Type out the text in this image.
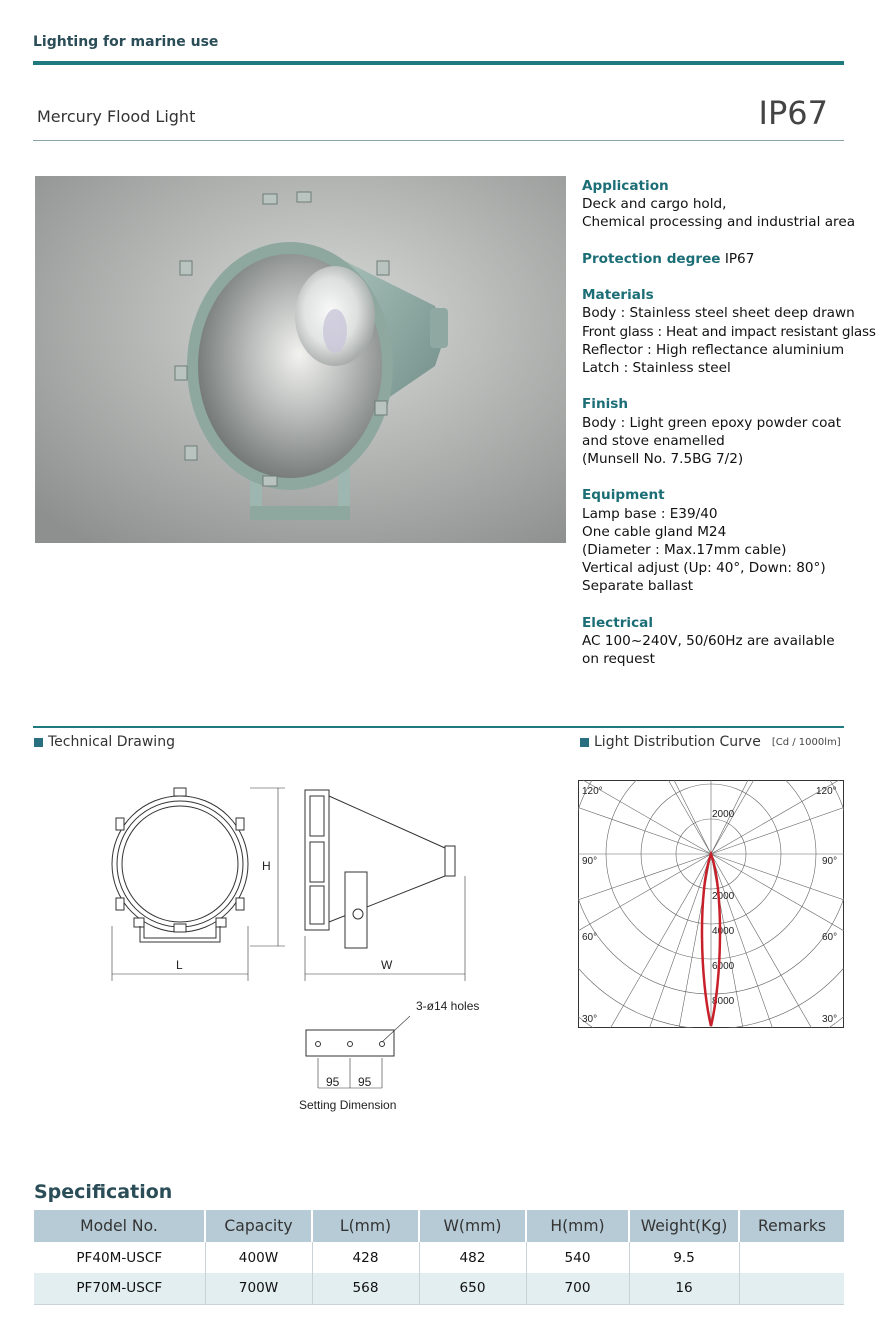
Lighting for marine use
Mercury Flood Light	IP67
Application
Deck and cargo hold,
Chemical processing and industrial area
Protection degree IP67
Materials
Body : Stainless steel sheet deep drawn
Front glass : Heat and impact resistant glass
Reflector : High reflectance aluminium
Latch : Stainless steel
Finish
Body : Light green epoxy powder coat
and stove enamelled
(Munsell No. 7.5BG 7/2)
Equipment
Lamp base : E39/40
One cable gland M24
(Diameter : Max.17mm cable)
Vertical adjust (Up: 40°, Down: 80°)
Separate ballast
Electrical
AC 100~240V, 50/60Hz are available
on request
Technical Drawing	Light Distribution Curve [Cd / 1000lm]
H
L	W
3-ø14 holes
95 95
Setting Dimension
120°
90°
60°
30°
120°
90°
60°
30°
2000
2000
4000
6000
8000
Specification
Model No.	Capacity	L(mm)	W(mm)	H(mm)	Weight(Kg)	Remarks
PF40M-USCF	400W	428	482	540	9.5	
PF70M-USCF	700W	568	650	700	16	
